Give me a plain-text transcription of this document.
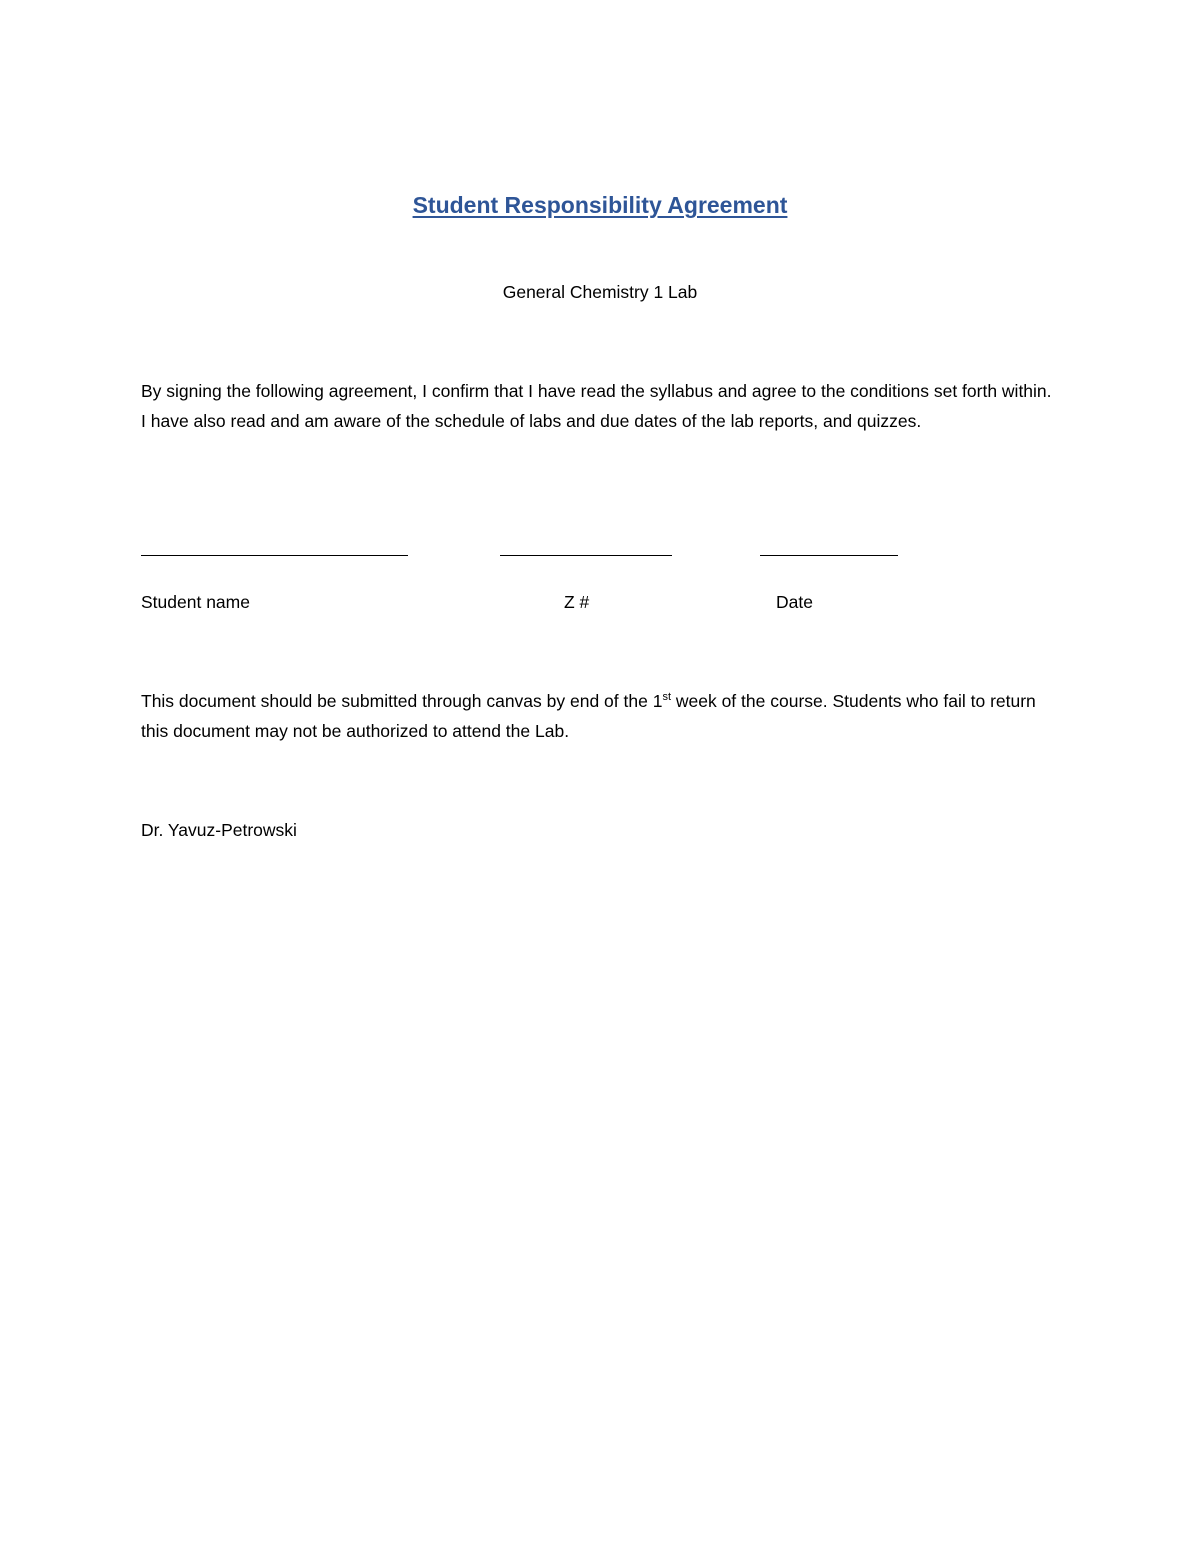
Student Responsibility Agreement
General Chemistry 1 Lab

By signing the following agreement, I confirm that I have read the syllabus and agree to the conditions set forth within. I have also read and am aware of the schedule of labs and due dates of the lab reports, and quizzes.

Student name	Z #	Date

This document should be submitted through canvas by end of the 1st week of the course. Students who fail to return this document may not be authorized to attend the Lab.

Dr. Yavuz-Petrowski
